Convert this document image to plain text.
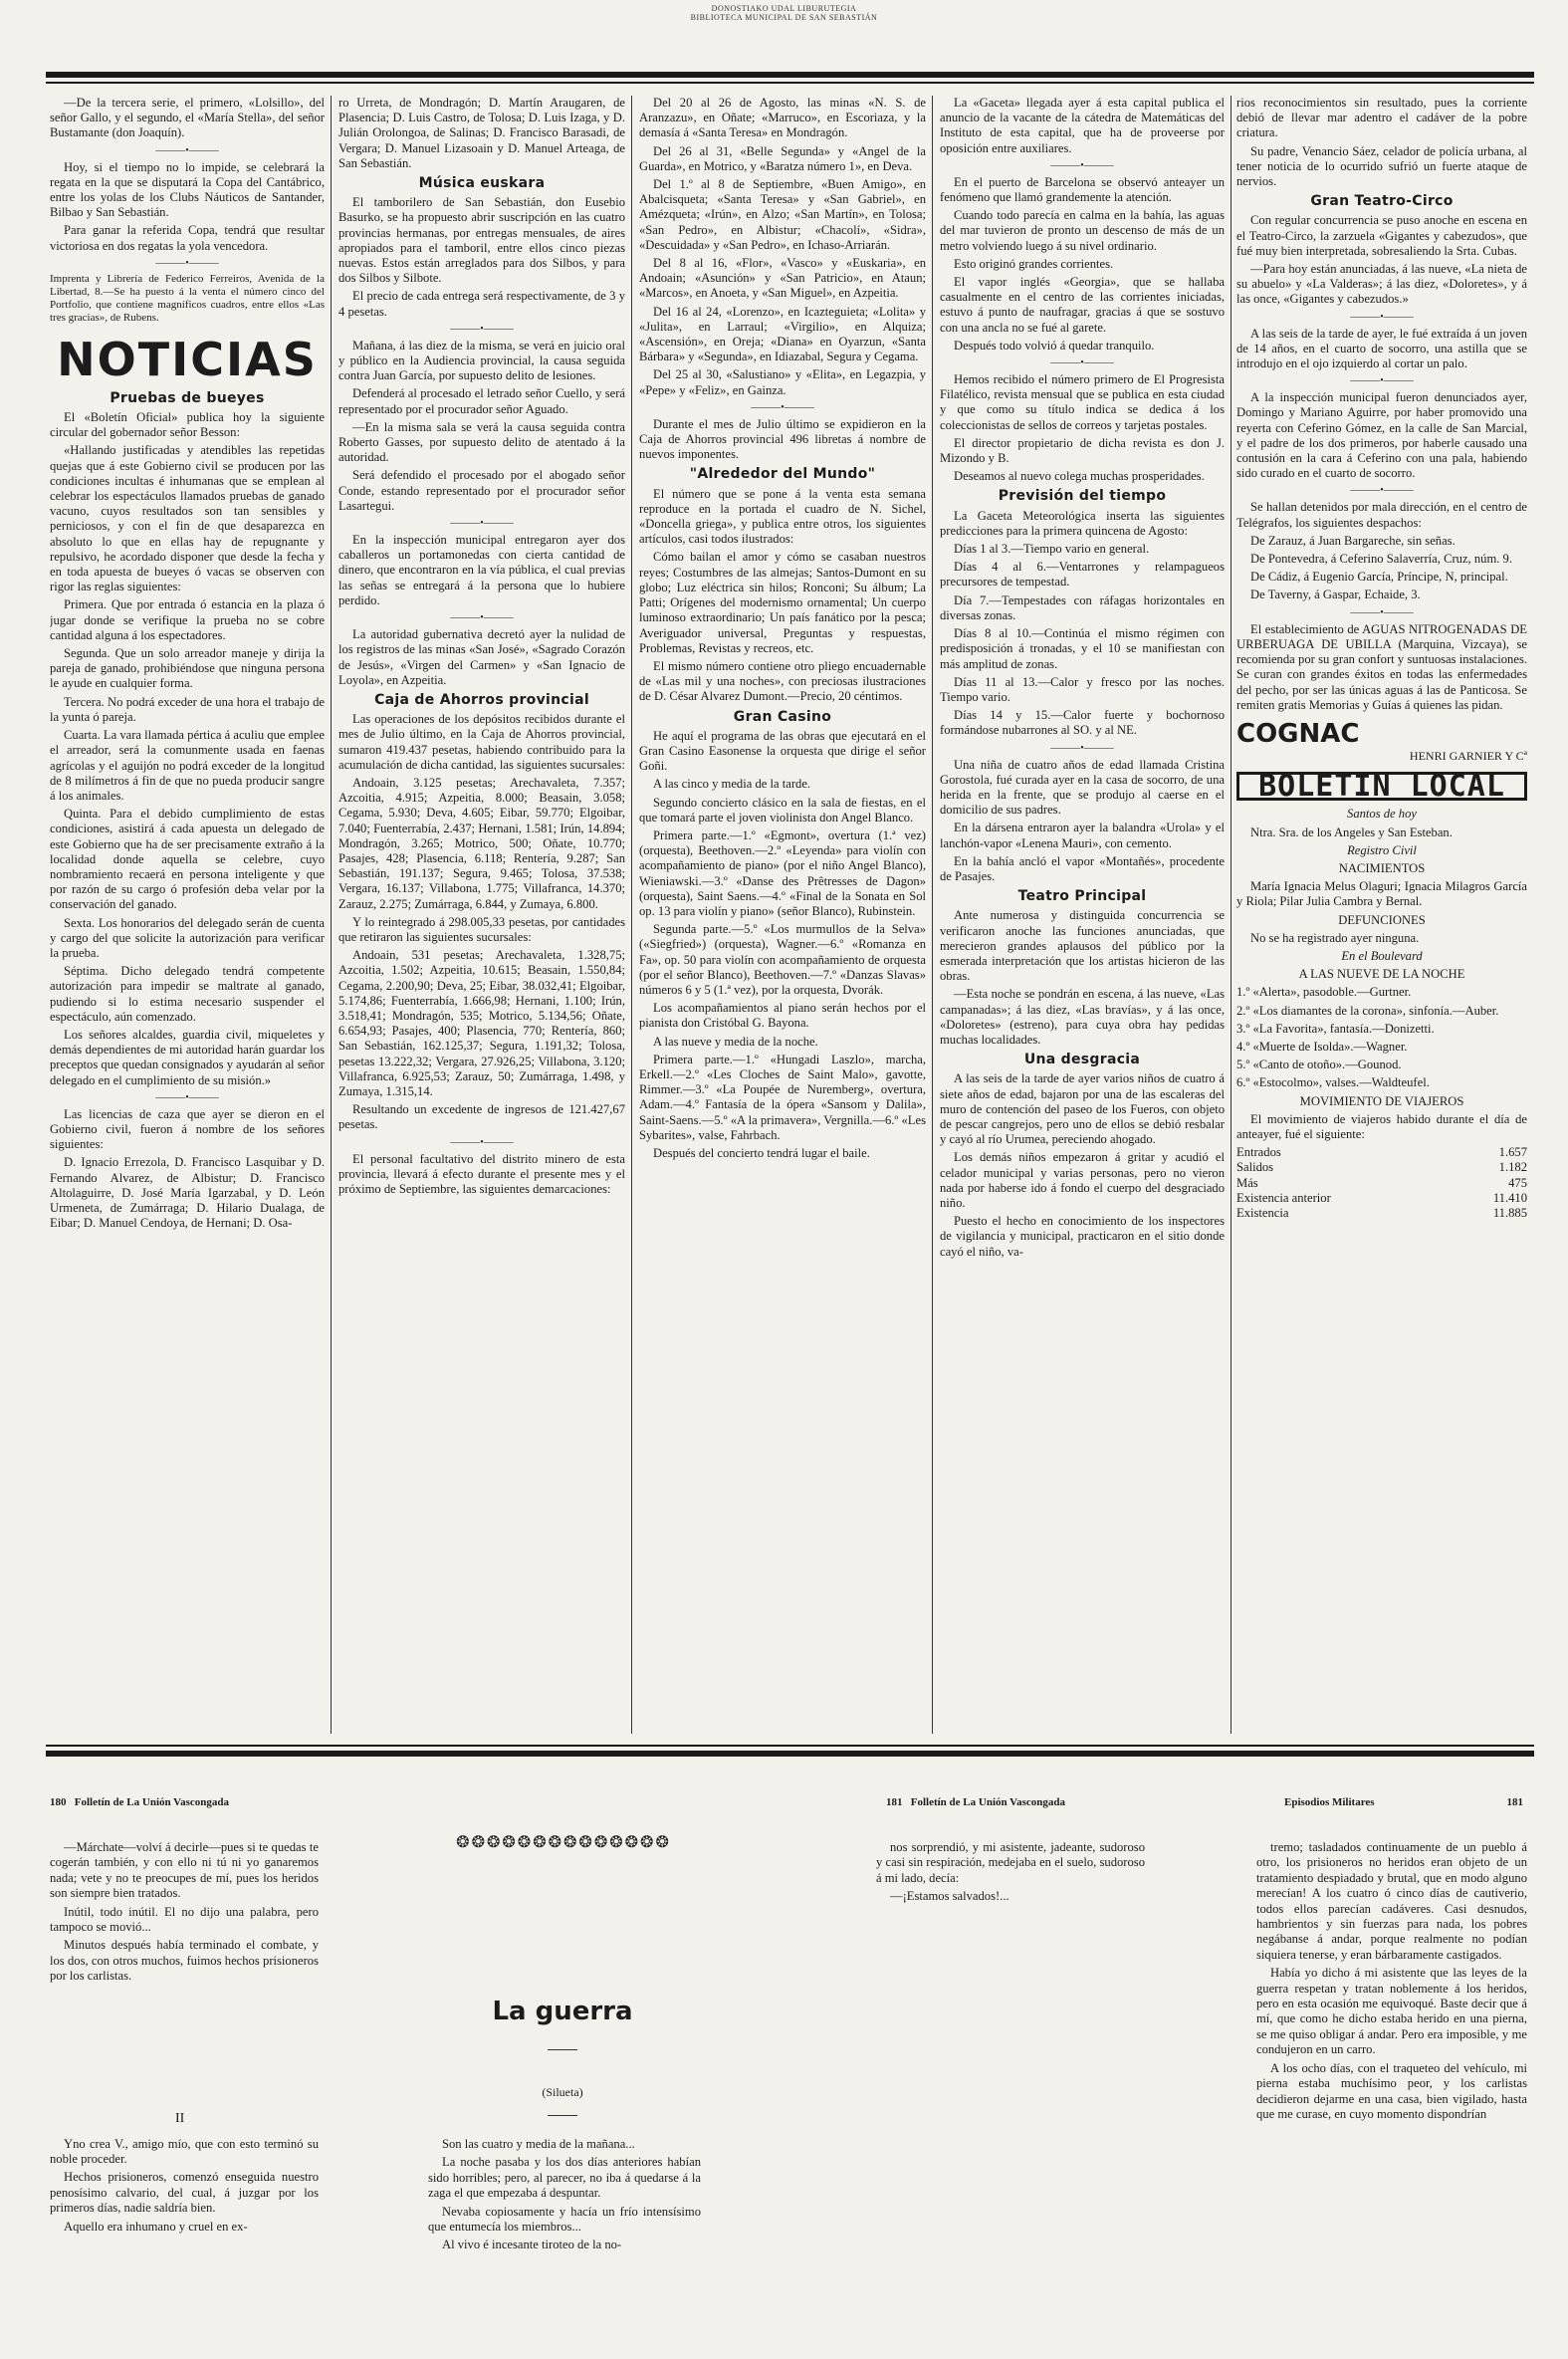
DONOSTIAKO UDAL LIBURUTEGIA
BIBLIOTECA MUNICIPAL DE SAN SEBASTIÁN

—De la tercera serie, el primero, «Lolsillo», del señor Gallo, y el segundo, el «María Stella», del señor Bustamante (don Joaquín).

———•———

Hoy, si el tiempo no lo impide, se celebrará la regata en la que se disputará la Copa del Cantábrico, entre los yolas de los Clubs Náuticos de Santander, Bilbao y San Sebastián.

Para ganar la referida Copa, tendrá que resultar victoriosa en dos regatas la yola vencedora.

———•———

Imprenta y Librería de Federico Ferreiros, Avenida de la Libertad, 8.—Se ha puesto á la venta el número cinco del Portfolio, que contiene magníficos cuadros, entre ellos «Las tres gracias», de Rubens.

NOTICIAS
Pruebas de bueyes

El «Boletín Oficial» publica hoy la siguiente circular del gobernador señor Besson:

«Hallando justificadas y atendibles las repetidas quejas que á este Gobierno civil se producen por las condiciones incultas é inhumanas que se emplean al celebrar los espectáculos llamados pruebas de ganado vacuno, cuyos resultados son tan sensibles y perniciosos, y con el fin de que desaparezca en absoluto lo que en ellas hay de repugnante y repulsivo, he acordado disponer que desde la fecha y en toda apuesta de bueyes ó vacas se observen con rigor las reglas siguientes:

Primera. Que por entrada ó estancia en la plaza ó jugar donde se verifique la prueba no se cobre cantidad alguna á los espectadores.

Segunda. Que un solo arreador maneje y dirija la pareja de ganado, prohibiéndose que ninguna persona le ayude en cualquier forma.

Tercera. No podrá exceder de una hora el trabajo de la yunta ó pareja.

Cuarta. La vara llamada pértica á aculiu que emplee el arreador, será la comunmente usada en faenas agrícolas y el aguijón no podrá exceder de la longitud de 8 milímetros á fin de que no pueda producir sangre á los animales.

Quinta. Para el debido cumplimiento de estas condiciones, asistirá á cada apuesta un delegado de este Gobierno que ha de ser precisamente extraño á la localidad donde aquella se celebre, cuyo nombramiento recaerá en persona inteligente y que por razón de su cargo ó profesión deba velar por la conservación del ganado.

Sexta. Los honorarios del delegado serán de cuenta y cargo del que solicite la autorización para verificar la prueba.

Séptima. Dicho delegado tendrá competente autorización para impedir se maltrate al ganado, pudiendo si lo estima necesario suspender el espectáculo, aún comenzado.

Los señores alcaldes, guardia civil, miqueletes y demás dependientes de mi autoridad harán guardar los preceptos que quedan consignados y ayudarán al señor delegado en el cumplimiento de su misión.»

———•———

Las licencias de caza que ayer se dieron en el Gobierno civil, fueron á nombre de los señores siguientes:

D. Ignacio Errezola, D. Francisco Lasquibar y D. Fernando Alvarez, de Albistur; D. Francisco Altolaguirre, D. José María Igarzabal, y D. León Urmeneta, de Zumárraga; D. Hilario Dualaga, de Eibar; D. Manuel Cendoya, de Hernani; D. Osa-

ro Urreta, de Mondragón; D. Martín Araugaren, de Plasencia; D. Luis Castro, de Tolosa; D. Luis Izaga, y D. Julián Orolongoa, de Salinas; D. Francisco Barasadi, de Vergara; D. Manuel Lizasoain y D. Manuel Arteaga, de San Sebastián.

Música euskara

El tamborilero de San Sebastián, don Eusebio Basurko, se ha propuesto abrir suscripción en las cuatro provincias hermanas, por entregas mensuales, de aires apropiados para el tamboril, entre ellos cinco piezas nuevas. Estos están arreglados para dos Silbos, y para dos Silbos y Silbote.

El precio de cada entrega será respectivamente, de 3 y 4 pesetas.

———•———

Mañana, á las diez de la misma, se verá en juicio oral y público en la Audiencia provincial, la causa seguida contra Juan García, por supuesto delito de lesiones.

Defenderá al procesado el letrado señor Cuello, y será representado por el procurador señor Aguado.

—En la misma sala se verá la causa seguida contra Roberto Gasses, por supuesto delito de atentado á la autoridad.

Será defendido el procesado por el abogado señor Conde, estando representado por el procurador señor Lasartegui.

———•———

En la inspección municipal entregaron ayer dos caballeros un portamonedas con cierta cantidad de dinero, que encontraron en la vía pública, el cual previas las señas se entregará á la persona que lo hubiere perdido.

———•———

La autoridad gubernativa decretó ayer la nulidad de los registros de las minas «San José», «Sagrado Corazón de Jesús», «Virgen del Carmen» y «San Ignacio de Loyola», en Azpeitia.

Caja de Ahorros provincial

Las operaciones de los depósitos recibidos durante el mes de Julio último, en la Caja de Ahorros provincial, sumaron 419.437 pesetas, habiendo contribuido para la acumulación de dicha cantidad, las siguientes sucursales:

Andoain, 3.125 pesetas; Arechavaleta, 7.357; Azcoitia, 4.915; Azpeitia, 8.000; Beasain, 3.058; Cegama, 5.930; Deva, 4.605; Eibar, 59.770; Elgoibar, 7.040; Fuenterrabía, 2.437; Hernani, 1.581; Irún, 14.894; Mondragón, 3.265; Motrico, 500; Oñate, 10.770; Pasajes, 428; Plasencia, 6.118; Rentería, 9.287; San Sebastián, 191.137; Segura, 9.465; Tolosa, 37.538; Vergara, 16.137; Villabona, 1.775; Villafranca, 14.370; Zarauz, 2.275; Zumárraga, 6.844, y Zumaya, 6.800.

Y lo reintegrado á 298.005,33 pesetas, por cantidades que retiraron las siguientes sucursales:

Andoain, 531 pesetas; Arechavaleta, 1.328,75; Azcoitia, 1.502; Azpeitia, 10.615; Beasain, 1.550,84; Cegama, 2.200,90; Deva, 25; Eibar, 38.032,41; Elgoibar, 5.174,86; Fuenterrabía, 1.666,98; Hernani, 1.100; Irún, 3.518,41; Mondragón, 535; Motrico, 5.134,56; Oñate, 6.654,93; Pasajes, 400; Plasencia, 770; Rentería, 860; San Sebastián, 162.125,37; Segura, 1.191,32; Tolosa, pesetas 13.222,32; Vergara, 27.926,25; Villabona, 3.120; Villafranca, 6.925,53; Zarauz, 50; Zumárraga, 1.498, y Zumaya, 1.315,14.

Resultando un excedente de ingresos de 121.427,67 pesetas.

———•———

El personal facultativo del distrito minero de esta provincia, llevará á efecto durante el presente mes y el próximo de Septiembre, las siguientes demarcaciones:

Del 20 al 26 de Agosto, las minas «N. S. de Aranzazu», en Oñate; «Marruco», en Escoriaza, y la demasía á «Santa Teresa» en Mondragón.

Del 26 al 31, «Belle Segunda» y «Angel de la Guarda», en Motrico, y «Baratza número 1», en Deva.

Del 1.º al 8 de Septiembre, «Buen Amigo», en Abalcisqueta; «Santa Teresa» y «San Gabriel», en Amézqueta; «Irún», en Alzo; «San Martín», en Tolosa; «San Pedro», en Albistur; «Chacolí», «Sidra», «Descuidada» y «San Pedro», en Ichaso-Arriarán.

Del 8 al 16, «Flor», «Vasco» y «Euskaria», en Andoain; «Asunción» y «San Patricio», en Ataun; «Marcos», en Anoeta, y «San Miguel», en Azpeitia.

Del 16 al 24, «Lorenzo», en Icazteguieta; «Lolita» y «Julita», en Larraul; «Virgilio», en Alquiza; «Ascensión», en Oreja; «Diana» en Oyarzun, «Santa Bárbara» y «Segunda», en Idiazabal, Segura y Cegama.

Del 25 al 30, «Salustiano» y «Elita», en Legazpia, y «Pepe» y «Feliz», en Gainza.

———•———

Durante el mes de Julio último se expidieron en la Caja de Ahorros provincial 496 libretas á nombre de nuevos imponentes.

"Alrededor del Mundo"

El número que se pone á la venta esta semana reproduce en la portada el cuadro de N. Sichel, «Doncella griega», y publica entre otros, los siguientes artículos, casi todos ilustrados:

Cómo bailan el amor y cómo se casaban nuestros reyes; Costumbres de las almejas; Santos-Dumont en su globo; Luz eléctrica sin hilos; Ronconi; Su álbum; La Patti; Orígenes del modernismo ornamental; Un cuerpo luminoso extraordinario; Un país fanático por la pesca; Averiguador universal, Preguntas y respuestas, Problemas, Revistas y recreos, etc.

El mismo número contiene otro pliego encuadernable de «Las mil y una noches», con preciosas ilustraciones de D. César Alvarez Dumont.—Precio, 20 céntimos.

Gran Casino

He aquí el programa de las obras que ejecutará en el Gran Casino Easonense la orquesta que dirige el señor Goñi.

A las cinco y media de la tarde.

Segundo concierto clásico en la sala de fiestas, en el que tomará parte el joven violinista don Angel Blanco.

Primera parte.—1.º «Egmont», overtura (1.ª vez) (orquesta), Beethoven.—2.º «Leyenda» para violín con acompañamiento de piano» (por el niño Angel Blanco), Wieniawski.—3.º «Danse des Prêtresses de Dagon» (orquesta), Saint Saens.—4.º «Final de la Sonata en Sol op. 13 para violín y piano» (señor Blanco), Rubinstein.

Segunda parte.—5.º «Los murmullos de la Selva» («Siegfried») (orquesta), Wagner.—6.º «Romanza en Fa», op. 50 para violín con acompañamiento de orquesta (por el señor Blanco), Beethoven.—7.º «Danzas Slavas» números 6 y 5 (1.ª vez), por la orquesta, Dvorák.

Los acompañamientos al piano serán hechos por el pianista don Cristóbal G. Bayona.

A las nueve y media de la noche.

Primera parte.—1.º «Hungadi Laszlo», marcha, Erkell.—2.º «Les Cloches de Saint Malo», gavotte, Rimmer.—3.º «La Poupée de Nuremberg», overtura, Adam.—4.º Fantasía de la ópera «Sansom y Dalila», Saint-Saens.—5.º «A la primavera», Vergnilla.—6.º «Les Sybarites», valse, Fahrbach.

Después del concierto tendrá lugar el baile.

La «Gaceta» llegada ayer á esta capital publica el anuncio de la vacante de la cátedra de Matemáticas del Instituto de esta capital, que ha de proveerse por oposición entre auxiliares.

———•———

En el puerto de Barcelona se observó anteayer un fenómeno que llamó grandemente la atención.

Cuando todo parecía en calma en la bahía, las aguas del mar tuvieron de pronto un descenso de más de un metro volviendo luego á su nivel ordinario.

Esto originó grandes corrientes.

El vapor inglés «Georgia», que se hallaba casualmente en el centro de las corrientes iniciadas, estuvo á punto de naufragar, gracias á que se sostuvo con una ancla no se fué al garete.

Después todo volvió á quedar tranquilo.

———•———

Hemos recibido el número primero de El Progresista Filatélico, revista mensual que se publica en esta ciudad y que como su título indica se dedica á los coleccionistas de sellos de correos y tarjetas postales.

El director propietario de dicha revista es don J. Mizondo y B.

Deseamos al nuevo colega muchas prosperidades.

Previsión del tiempo

La Gaceta Meteorológica inserta las siguientes predicciones para la primera quincena de Agosto:

Días 1 al 3.—Tiempo vario en general.

Días 4 al 6.—Ventarrones y relampagueos precursores de tempestad.

Día 7.—Tempestades con ráfagas horizontales en diversas zonas.

Días 8 al 10.—Continúa el mismo régimen con predisposición á tronadas, y el 10 se manifiestan con más amplitud de zonas.

Días 11 al 13.—Calor y fresco por las noches. Tiempo vario.

Días 14 y 15.—Calor fuerte y bochornoso formándose nubarrones al SO. y al NE.

———•———

Una niña de cuatro años de edad llamada Cristina Gorostola, fué curada ayer en la casa de socorro, de una herida en la frente, que se produjo al caerse en el domicilio de sus padres.

En la dársena entraron ayer la balandra «Urola» y el lanchón-vapor «Lenena Mauri», con cemento.

En la bahía ancló el vapor «Montañés», procedente de Pasajes.

Teatro Principal

Ante numerosa y distinguida concurrencia se verificaron anoche las funciones anunciadas, que merecieron grandes aplausos del público por la esmerada interpretación que los artistas hicieron de las obras.

—Esta noche se pondrán en escena, á las nueve, «Las campanadas»; á las diez, «Las bravías», y á las once, «Doloretes» (estreno), para cuya obra hay pedidas muchas localidades.

Una desgracia

A las seis de la tarde de ayer varios niños de cuatro á siete años de edad, bajaron por una de las escaleras del muro de contención del paseo de los Fueros, con objeto de pescar cangrejos, pero uno de ellos se debió resbalar y cayó al río Urumea, pereciendo ahogado.

Los demás niños empezaron á gritar y acudió el celador municipal y varias personas, pero no vieron nada por haberse ido á fondo el cuerpo del desgraciado niño.

Puesto el hecho en conocimiento de los inspectores de vigilancia y municipal, practicaron en el sitio donde cayó el niño, va-

rios reconocimientos sin resultado, pues la corriente debió de llevar mar adentro el cadáver de la pobre criatura.

Su padre, Venancio Sáez, celador de policía urbana, al tener noticia de lo ocurrido sufrió un fuerte ataque de nervios.

Gran Teatro-Circo

Con regular concurrencia se puso anoche en escena en el Teatro-Circo, la zarzuela «Gigantes y cabezudos», que fué muy bien interpretada, sobresaliendo la Srta. Cubas.

—Para hoy están anunciadas, á las nueve, «La nieta de su abuelo» y «La Valderas»; á las diez, «Doloretes», y á las once, «Gigantes y cabezudos.»

———•———

A las seis de la tarde de ayer, le fué extraída á un joven de 14 años, en el cuarto de socorro, una astilla que se introdujo en el ojo izquierdo al cortar un palo.

———•———

A la inspección municipal fueron denunciados ayer, Domingo y Mariano Aguirre, por haber promovido una reyerta con Ceferino Gómez, en la calle de San Marcial, y el padre de los dos primeros, por haberle causado una contusión en la cara á Ceferino con una pala, habiendo sido curado en el cuarto de socorro.

———•———

Se hallan detenidos por mala dirección, en el centro de Telégrafos, los siguientes despachos:

De Zarauz, á Juan Bargareche, sin señas.

De Pontevedra, á Ceferino Salaverría, Cruz, núm. 9.

De Cádiz, á Eugenio García, Príncipe, N, principal.

De Taverny, á Gaspar, Echaide, 3.

———•———

El establecimiento de AGUAS NITROGENADAS DE URBERUAGA DE UBILLA (Marquina, Vizcaya), se recomienda por su gran confort y suntuosas instalaciones. Se curan con grandes éxitos en todas las enfermedades del pecho, por ser las únicas aguas á las de Panticosa. Se remiten gratis Memorias y Guías á quienes las pidan.

COGNAC
HENRI GARNIER Y Cª
BOLETIN LOCAL

Santos de hoy

Ntra. Sra. de los Angeles y San Esteban.

Registro Civil

NACIMIENTOS

María Ignacia Melus Olaguri; Ignacia Milagros García y Riola; Pilar Julia Cambra y Bernal.

DEFUNCIONES

No se ha registrado ayer ninguna.

En el Boulevard

A LAS NUEVE DE LA NOCHE

1.º «Alerta», pasodoble.—Gurtner.

2.º «Los diamantes de la corona», sinfonía.—Auber.

3.º «La Favorita», fantasía.—Donizetti.

4.º «Muerte de Isolda».—Wagner.

5.º «Canto de otoño».—Gounod.

6.º «Estocolmo», valses.—Waldteufel.

MOVIMIENTO DE VIAJEROS

El movimiento de viajeros habido durante el día de anteayer, fué el siguiente:

Entrados	1.657
Salidos	1.182
Más	475
Existencia anterior	11.410
Existencia	11.885
180 Folletín de La Unión Vascongada	181 Folletín de La Unión Vascongada	Episodios Militares	181

—Márchate—volví á decirle—pues si te quedas te cogerán también, y con ello ni tú ni yo ganaremos nada; vete y no te preocupes de mí, pues los heridos son siempre bien tratados.

Inútil, todo inútil. El no dijo una palabra, pero tampoco se movió...

Minutos después había terminado el combate, y los dos, con otros muchos, fuimos hechos prisioneros por los carlistas.

Yno crea V., amigo mío, que con esto terminó su noble proceder.

Hechos prisioneros, comenzó enseguida nuestro penosísimo calvario, del cual, á juzgar por los primeros días, nadie saldría bien.

Aquello era inhumano y cruel en ex-

II
❂❂❂❂❂❂❂❂❂❂❂❂❂❂
La guerra
(Silueta)

Son las cuatro y media de la mañana...

La noche pasaba y los dos días anteriores habían sido horribles; pero, al parecer, no iba á quedarse á la zaga el que empezaba á despuntar.

Nevaba copiosamente y hacía un frío intensísimo que entumecía los miembros...

Al vivo é incesante tiroteo de la no-

nos sorprendió, y mi asistente, jadeante, sudoroso y casi sin respiración, medejaba en el suelo, sudoroso á mi lado, decía:

—¡Estamos salvados!...

tremo; tasladados continuamente de un pueblo á otro, los prisioneros no heridos eran objeto de un tratamiento despiadado y brutal, que en modo alguno merecían! A los cuatro ó cinco días de cautiverio, todos ellos parecían cadáveres. Casi desnudos, hambrientos y sin fuerzas para nada, los pobres negábanse á andar, porque realmente no podían siquiera tenerse, y eran bárbaramente castigados.

Había yo dicho á mi asistente que las leyes de la guerra respetan y tratan noblemente á los heridos, pero en esta ocasión me equivoqué. Baste decir que á mí, que como he dicho estaba herido en una pierna, se me quiso obligar á andar. Pero era imposible, y me condujeron en un carro.

A los ocho días, con el traqueteo del vehículo, mi pierna estaba muchísimo peor, y los carlistas decidieron dejarme en una casa, bien vigilado, hasta que me curase, en cuyo momento dispondrían
